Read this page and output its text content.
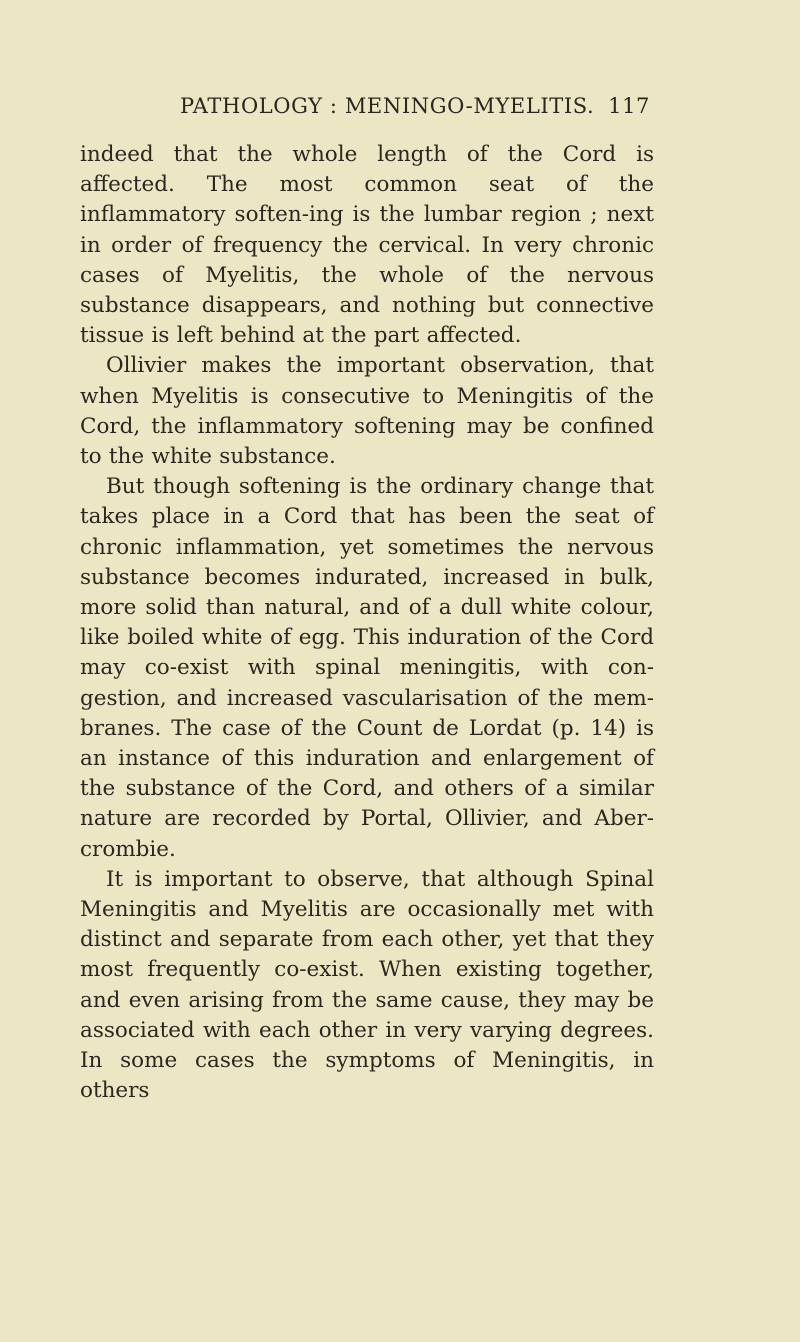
PATHOLOGY : MENINGO-MYELITIS. 117

indeed that the whole length of the Cord is affected. The most common seat of the inflammatory soften-ing is the lumbar region ; next in order of frequency the cervical. In very chronic cases of Myelitis, the whole of the nervous substance disappears, and nothing but connective tissue is left behind at the part affected.

Ollivier makes the important observation, that when Myelitis is consecutive to Meningitis of the Cord, the inflammatory softening may be confined to the white substance.

But though softening is the ordinary change that takes place in a Cord that has been the seat of chronic inflammation, yet sometimes the nervous substance becomes indurated, increased in bulk, more solid than natural, and of a dull white colour, like boiled white of egg. This induration of the Cord may co-exist with spinal meningitis, with con-gestion, and increased vascularisation of the mem-branes. The case of the Count de Lordat (p. 14) is an instance of this induration and enlargement of the substance of the Cord, and others of a similar nature are recorded by Portal, Ollivier, and Aber-crombie.

It is important to observe, that although Spinal Meningitis and Myelitis are occasionally met with distinct and separate from each other, yet that they most frequently co-exist. When existing together, and even arising from the same cause, they may be associated with each other in very varying degrees. In some cases the symptoms of Meningitis, in others
